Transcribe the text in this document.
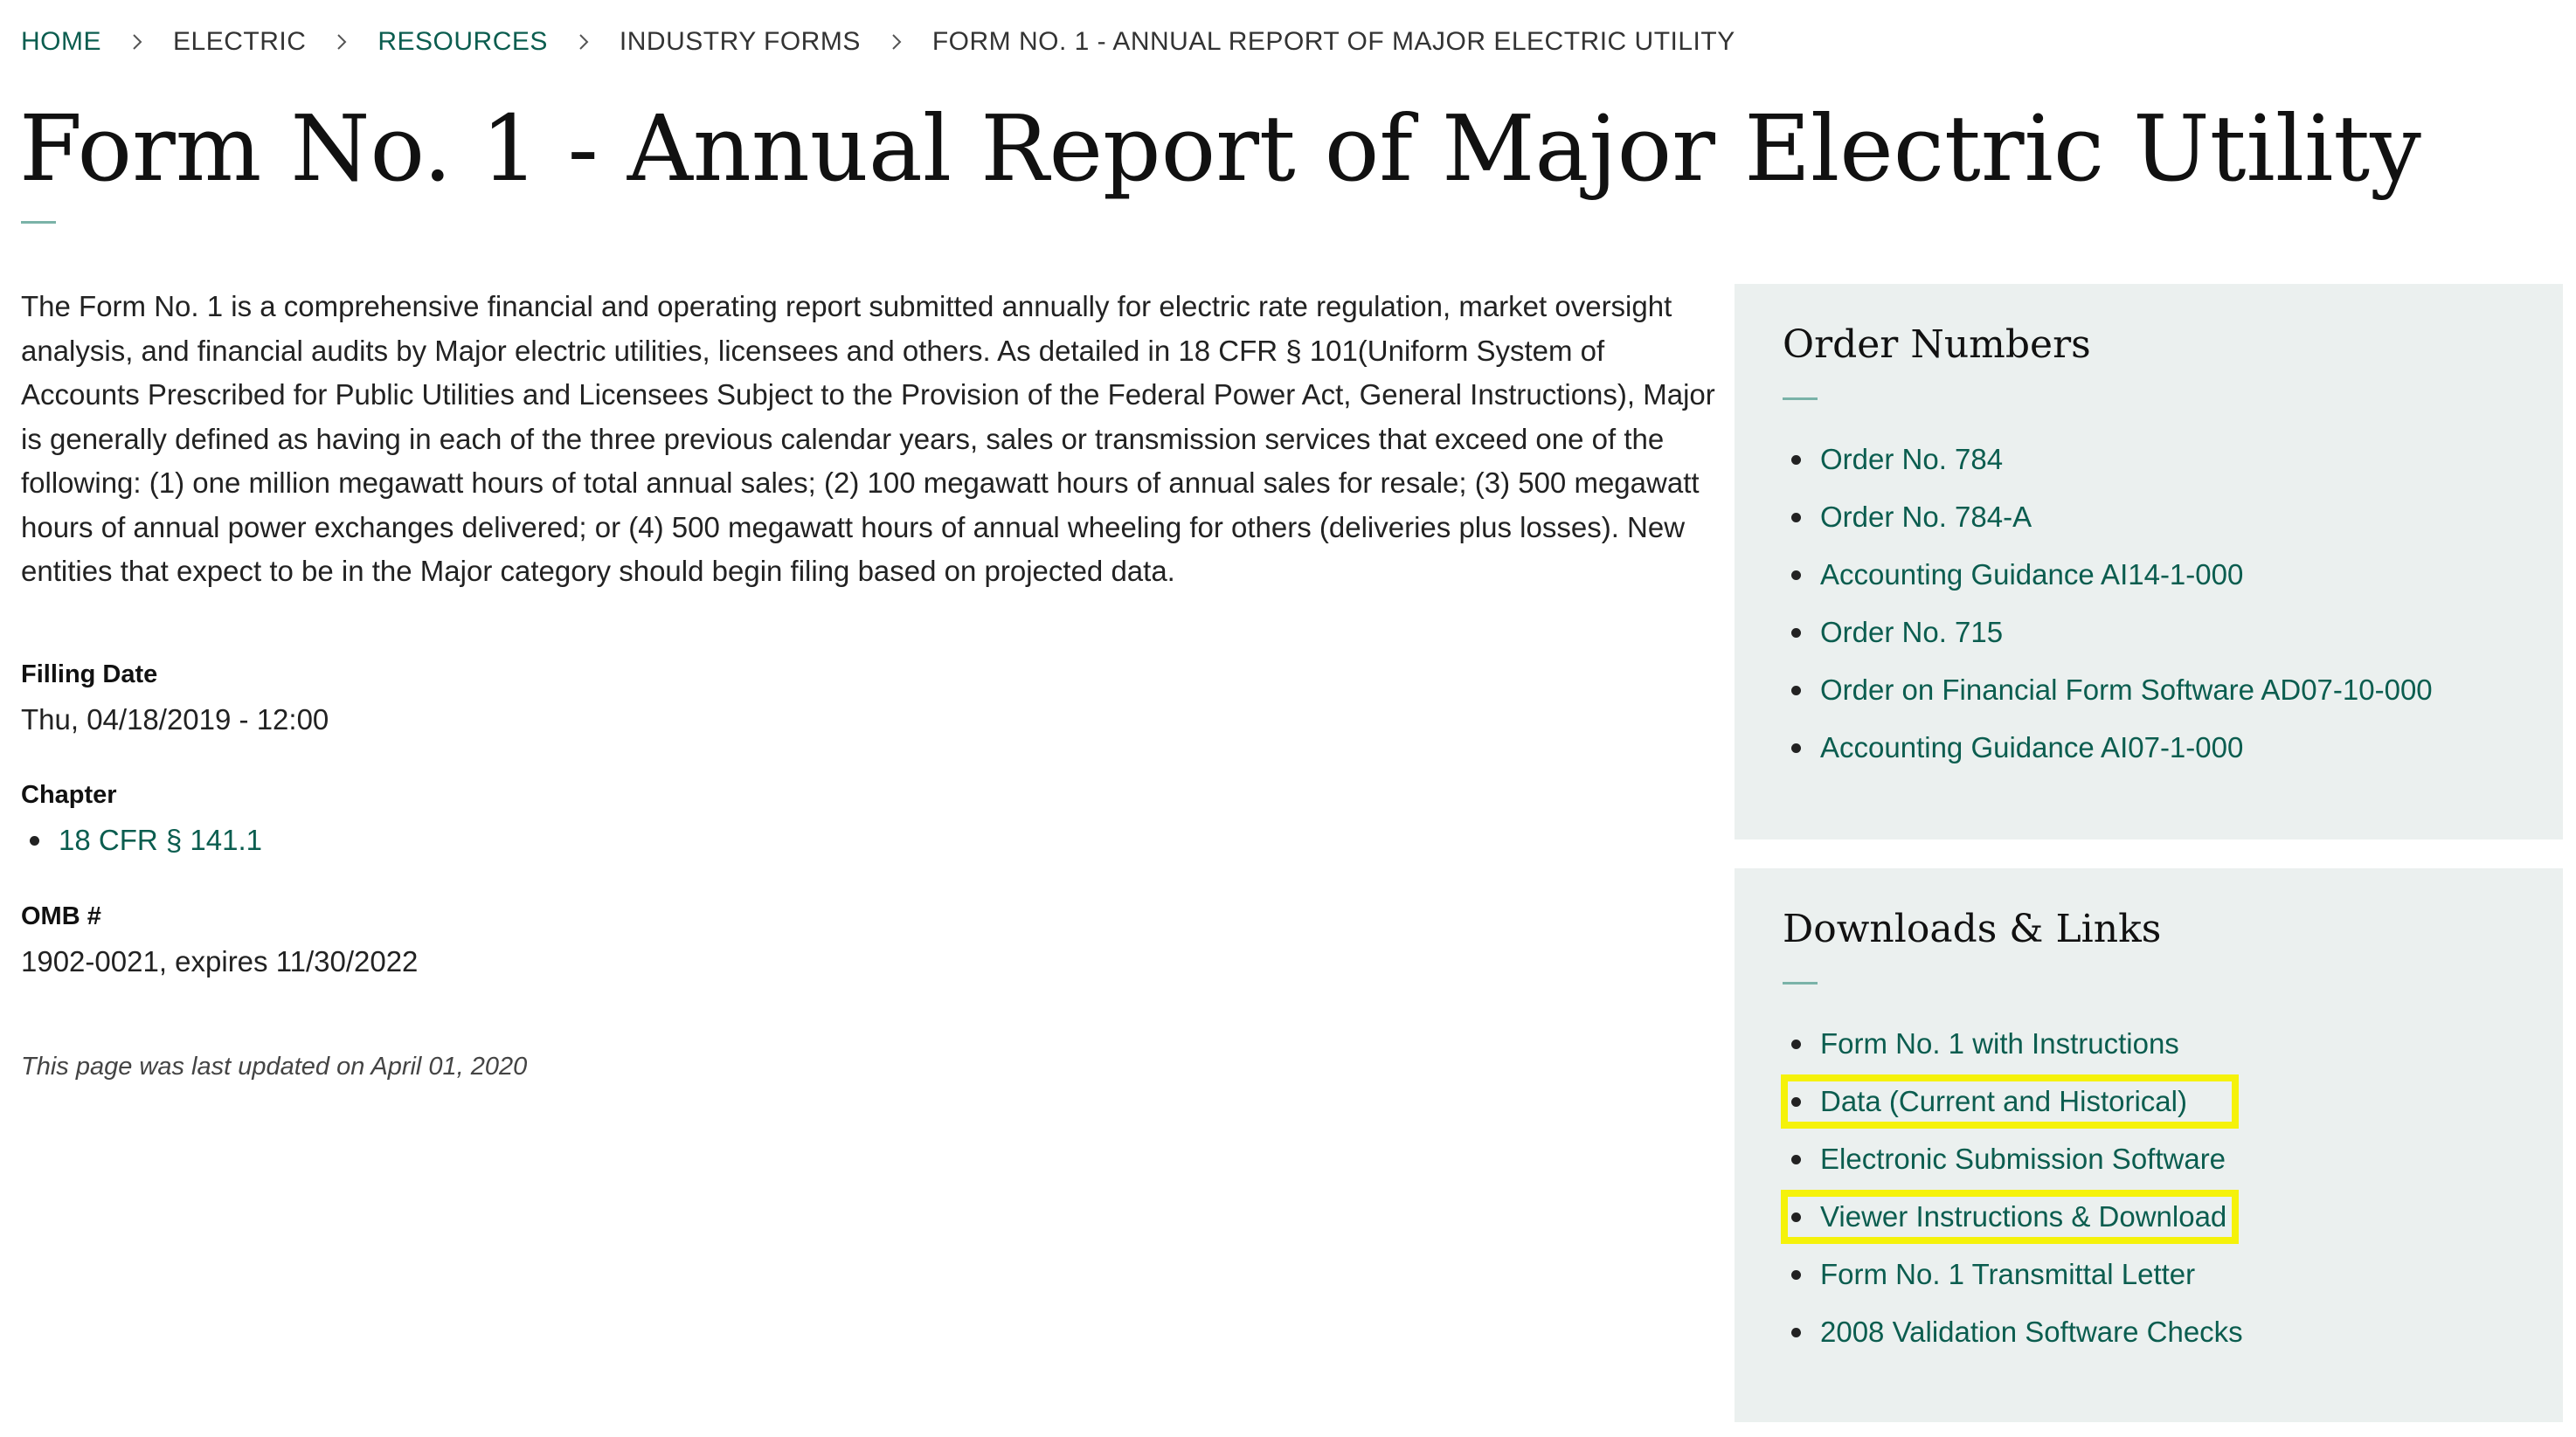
HOME	ELECTRIC	RESOURCES	INDUSTRY FORMS	FORM NO. 1 - ANNUAL REPORT OF MAJOR ELECTRIC UTILITY
Form No. 1 - Annual Report of Major Electric Utility

The Form No. 1 is a comprehensive financial and operating report submitted annually for electric rate regulation, market oversight analysis, and financial audits by Major electric utilities, licensees and others. As detailed in 18 CFR § 101(Uniform System of Accounts Prescribed for Public Utilities and Licensees Subject to the Provision of the Federal Power Act, General Instructions), Major is generally defined as having in each of the three previous calendar years, sales or transmission services that exceed one of the following: (1) one million megawatt hours of total annual sales; (2) 100 megawatt hours of annual sales for resale; (3) 500 megawatt hours of annual power exchanges delivered; or (4) 500 megawatt hours of annual wheeling for others (deliveries plus losses). New entities that expect to be in the Major category should begin filing based on projected data.

Filling Date
Thu, 04/18/2019 - 12:00
Chapter
18 CFR § 141.1
OMB #
1902-0021, expires 11/30/2022
This page was last updated on April 01, 2020
Order Numbers
Order No. 784
Order No. 784-A
Accounting Guidance AI14-1-000
Order No. 715
Order on Financial Form Software AD07-10-000
Accounting Guidance AI07-1-000
Downloads & Links
Form No. 1 with Instructions
Data (Current and Historical)
Electronic Submission Software
Viewer Instructions & Download
Form No. 1 Transmittal Letter
2008 Validation Software Checks
